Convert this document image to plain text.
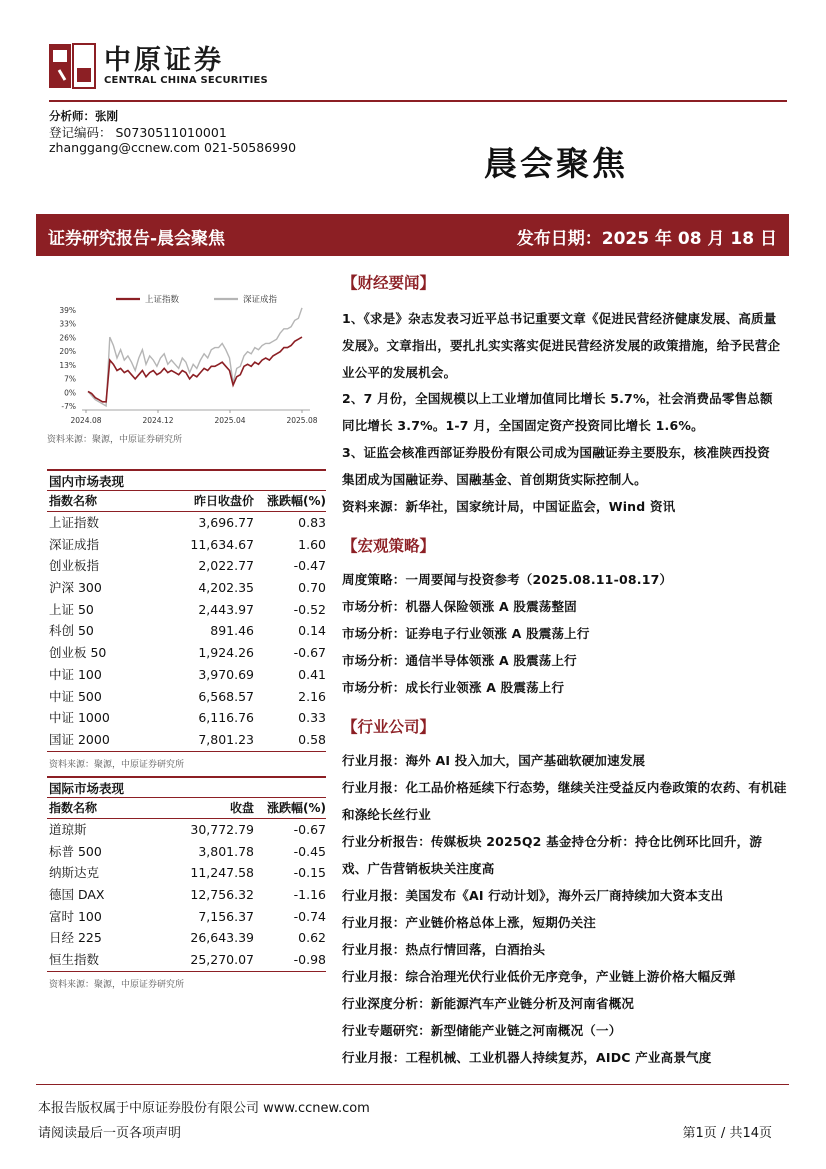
中原证券
CENTRAL CHINA SECURITIES
分析师：张刚
登记编码： S0730511010001
zhanggang@ccnew.com 021-50586990	晨会聚焦
证券研究报告-晨会聚焦	发布日期：2025 年 08 月 18 日
39%
33%
26%
20%
13%
7%
0%
-7%
2024.08	2024.12	2025.04	2025.08
上证指数	深证成指
资料来源：聚源，中原证券研究所
国内市场表现
指数名称	昨日收盘价	涨跌幅(%)
上证指数	3,696.77	0.83
深证成指	11,634.67	1.60
创业板指	2,022.77	-0.47
沪深 300	4,202.35	0.70
上证 50	2,443.97	-0.52
科创 50	891.46	0.14
创业板 50	1,924.26	-0.67
中证 100	3,970.69	0.41
中证 500	6,568.57	2.16
中证 1000	6,116.76	0.33
国证 2000	7,801.23	0.58
资料来源：聚源，中原证券研究所
国际市场表现
指数名称	收盘	涨跌幅(%)
道琼斯	30,772.79	-0.67
标普 500	3,801.78	-0.45
纳斯达克	11,247.58	-0.15
德国 DAX	12,756.32	-1.16
富时 100	7,156.37	-0.74
日经 225	26,643.39	0.62
恒生指数	25,270.07	-0.98
资料来源：聚源，中原证券研究所
【财经要闻】
1、《求是》杂志发表习近平总书记重要文章《促进民营经济健康发展、高质量发展》。文章指出，要扎扎实实落实促进民营经济发展的政策措施，给予民营企业公平的发展机会。
2、7 月份，全国规模以上工业增加值同比增长 5.7%，社会消费品零售总额同比增长 3.7%。1-7 月，全国固定资产投资同比增长 1.6%。
3、证监会核准西部证券股份有限公司成为国融证券主要股东，核准陕西投资集团成为国融证券、国融基金、首创期货实际控制人。
资料来源：新华社，国家统计局，中国证监会，Wind 资讯
【宏观策略】
周度策略：一周要闻与投资参考（2025.08.11-08.17）
市场分析：机器人保险领涨 A 股震荡整固
市场分析：证券电子行业领涨 A 股震荡上行
市场分析：通信半导体领涨 A 股震荡上行
市场分析：成长行业领涨 A 股震荡上行
【行业公司】
行业月报：海外 AI 投入加大，国产基础软硬加速发展
行业月报：化工品价格延续下行态势，继续关注受益反内卷政策的农药、有机硅和涤纶长丝行业
行业分析报告：传媒板块 2025Q2 基金持仓分析：持仓比例环比回升，游戏、广告营销板块关注度高
行业月报：美国发布《AI 行动计划》，海外云厂商持续加大资本支出
行业月报：产业链价格总体上涨，短期仍关注
行业月报：热点行情回落，白酒抬头
行业月报：综合治理光伏行业低价无序竞争，产业链上游价格大幅反弹
行业深度分析：新能源汽车产业链分析及河南省概况
行业专题研究：新型储能产业链之河南概况（一）
行业月报：工程机械、工业机器人持续复苏，AIDC 产业高景气度
本报告版权属于中原证券股份有限公司 www.ccnew.com
请阅读最后一页各项声明	第1页 / 共14页
